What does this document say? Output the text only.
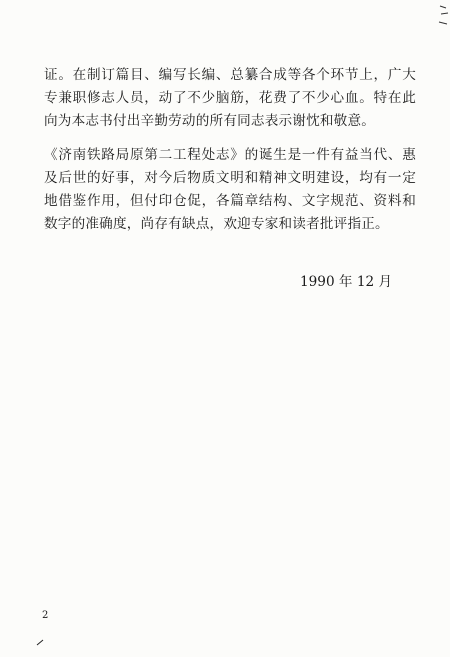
证。在制订篇目、编写长编、总纂合成等各个环节上，广大专兼职修志人员，动了不少脑筋，花费了不少心血。特在此向为本志书付出辛勤劳动的所有同志表示谢忱和敬意。

《济南铁路局原第二工程处志》的诞生是一件有益当代、惠及后世的好事，对今后物质文明和精神文明建设，均有一定地借鉴作用，但付印仓促，各篇章结构、文字规范、资料和数字的准确度，尚存有缺点，欢迎专家和读者批评指正。

1990 年 12 月
2
